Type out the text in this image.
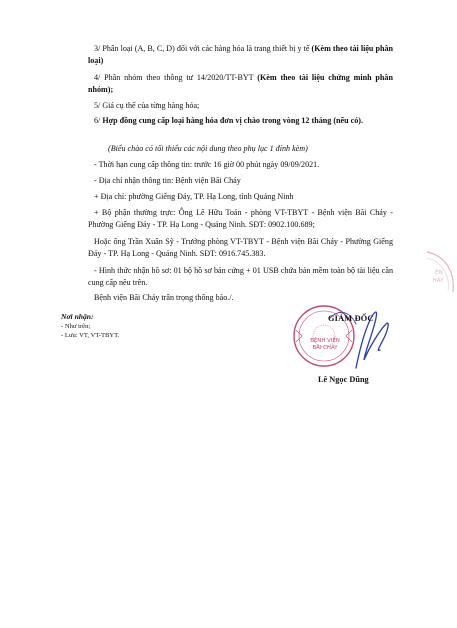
3/ Phân loại (A, B, C, D) đối với các hàng hóa là trang thiết bị y tế (Kèm theo tài liệu phân loại)

4/ Phân nhóm theo thông tư 14/2020/TT-BYT (Kèm theo tài liệu chứng minh phân nhóm);

5/ Giá cụ thể của từng hàng hóa;

6/ Hợp đồng cung cấp loại hàng hóa đơn vị chào trong vòng 12 tháng (nếu có).

(Biểu chào có tối thiểu các nội dung theo phụ lục 1 đính kèm)

- Thời hạn cung cấp thông tin: trước 16 giờ 00 phút ngày 09/09/2021.

- Địa chỉ nhận thông tin: Bệnh viện Bãi Cháy

+ Địa chỉ: phường Giếng Đáy, TP. Hạ Long, tỉnh Quảng Ninh

+ Bộ phận thường trực: Ông Lê Hữu Toán - phòng VT-TBYT - Bệnh viện Bãi Cháy - Phường Giếng Đáy - TP. Hạ Long - Quảng Ninh. SĐT: 0902.100.689;

Hoặc ông Trần Xuân Sỹ - Trưởng phòng VT-TBYT - Bệnh viện Bãi Cháy - Phường Giếng Đáy - TP. Hạ Long - Quảng Ninh. SĐT: 0916.745.383.

- Hình thức nhận hồ sơ: 01 bộ hồ sơ bản cứng + 01 USB chứa bản mềm toàn bộ tài liệu cần cung cấp nêu trên.

Bệnh viện Bãi Cháy trân trọng thông báo./.

Nơi nhận:

- Như trên;

- Lưu: VT, VT-TBYT.

GIÁM ĐỐC
BỆNH VIỆN
BÃI CHÁY
Lê Ngọc Dũng
ỆN
HÁY
